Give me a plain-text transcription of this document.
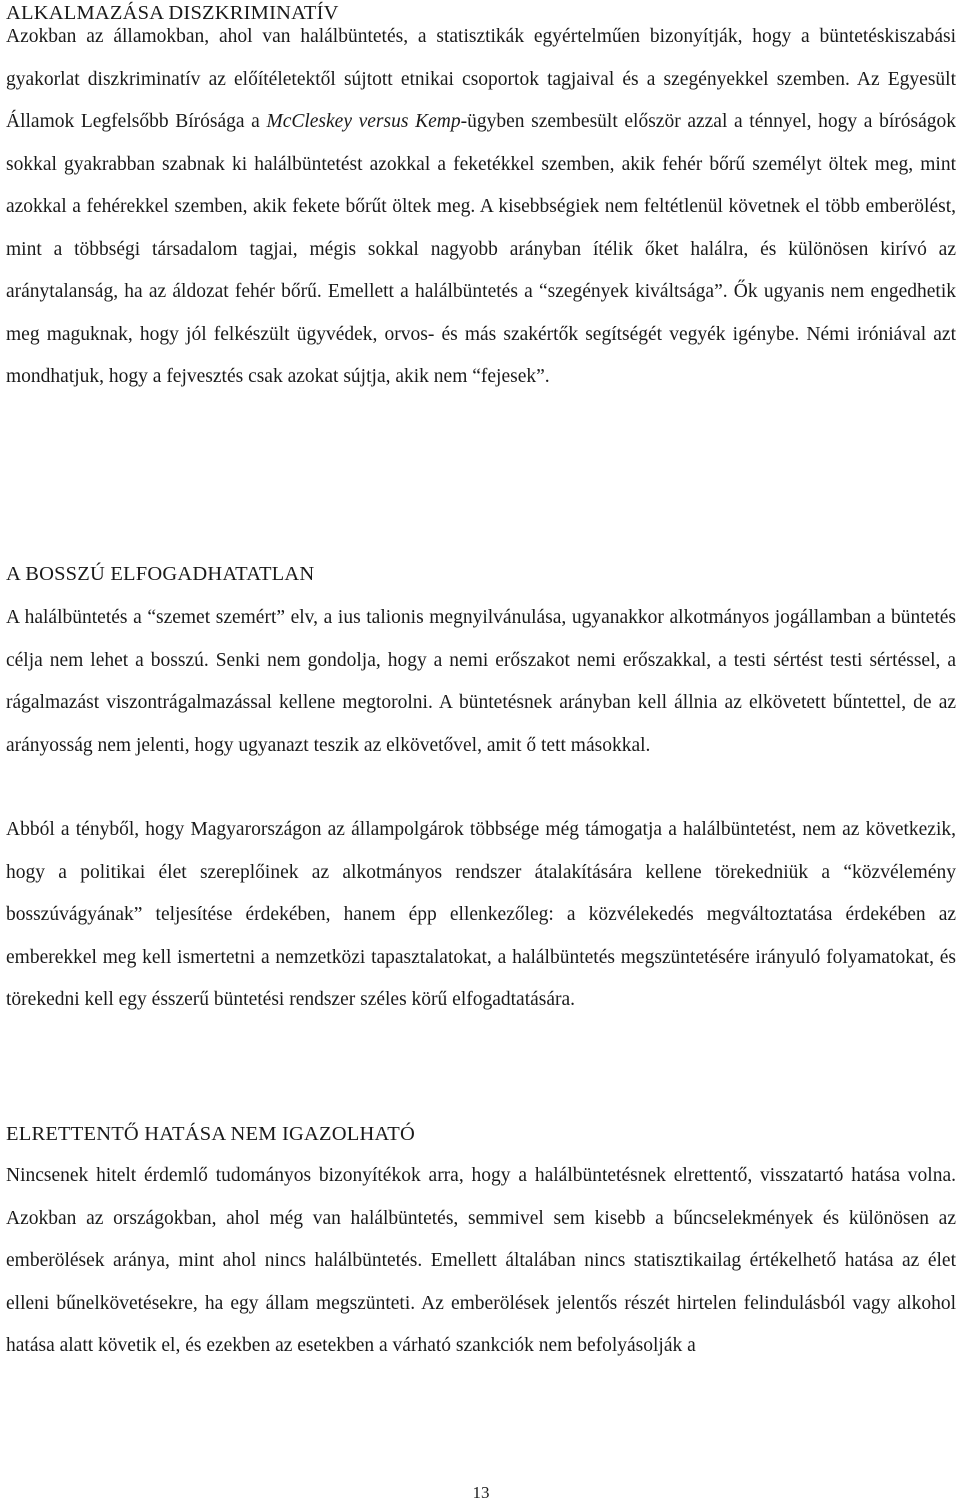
ALKALMAZÁSA DISZKRIMINATÍV

Azokban az államokban, ahol van halálbüntetés, a statisztikák egyértelműen bizonyítják, hogy a büntetéskiszabási gyakorlat diszkriminatív az előítéletektől sújtott etnikai csoportok tagjaival és a szegényekkel szemben. Az Egyesült Államok Legfelsőbb Bírósága a McCleskey versus Kemp-ügyben szembesült először azzal a ténnyel, hogy a bíróságok sokkal gyakrabban szabnak ki halálbüntetést azokkal a feketékkel szemben, akik fehér bőrű személyt öltek meg, mint azokkal a fehérekkel szemben, akik fekete bőrűt öltek meg. A kisebbségiek nem feltétlenül követnek el több emberölést, mint a többségi társadalom tagjai, mégis sokkal nagyobb arányban ítélik őket halálra, és különösen kirívó az aránytalanság, ha az áldozat fehér bőrű. Emellett a halálbüntetés a “szegények kiváltsága”. Ők ugyanis nem engedhetik meg maguknak, hogy jól felkészült ügyvédek, orvos- és más szakértők segítségét vegyék igénybe. Némi iróniával azt mondhatjuk, hogy a fejvesztés csak azokat sújtja, akik nem “fejesek”.

A BOSSZÚ ELFOGADHATATLAN

A halálbüntetés a “szemet szemért” elv, a ius talionis megnyilvánulása, ugyanakkor alkotmányos jogállamban a büntetés célja nem lehet a bosszú. Senki nem gondolja, hogy a nemi erőszakot nemi erőszakkal, a testi sértést testi sértéssel, a rágalmazást viszontrágalmazással kellene megtorolni. A büntetésnek arányban kell állnia az elkövetett bűntettel, de az arányosság nem jelenti, hogy ugyanazt teszik az elkövetővel, amit ő tett másokkal.

Abból a tényből, hogy Magyarországon az állampolgárok többsége még támogatja a halálbüntetést, nem az következik, hogy a politikai élet szereplőinek az alkotmányos rendszer átalakítására kellene törekedniük a “közvélemény bosszúvágyának” teljesítése érdekében, hanem épp ellenkezőleg: a közvélekedés megváltoztatása érdekében az emberekkel meg kell ismertetni a nemzetközi tapasztalatokat, a halálbüntetés megszüntetésére irányuló folyamatokat, és törekedni kell egy ésszerű büntetési rendszer széles körű elfogadtatására.

ELRETTENTŐ HATÁSA NEM IGAZOLHATÓ

Nincsenek hitelt érdemlő tudományos bizonyítékok arra, hogy a halálbüntetésnek elrettentő, visszatartó hatása volna. Azokban az országokban, ahol még van halálbüntetés, semmivel sem kisebb a bűncselekmények és különösen az emberölések aránya, mint ahol nincs halálbüntetés. Emellett általában nincs statisztikailag értékelhető hatása az élet elleni bűnelkövetésekre, ha egy állam megszünteti. Az emberölések jelentős részét hirtelen felindulásból vagy alkohol hatása alatt követik el, és ezekben az esetekben a várható szankciók nem befolyásolják a

13
